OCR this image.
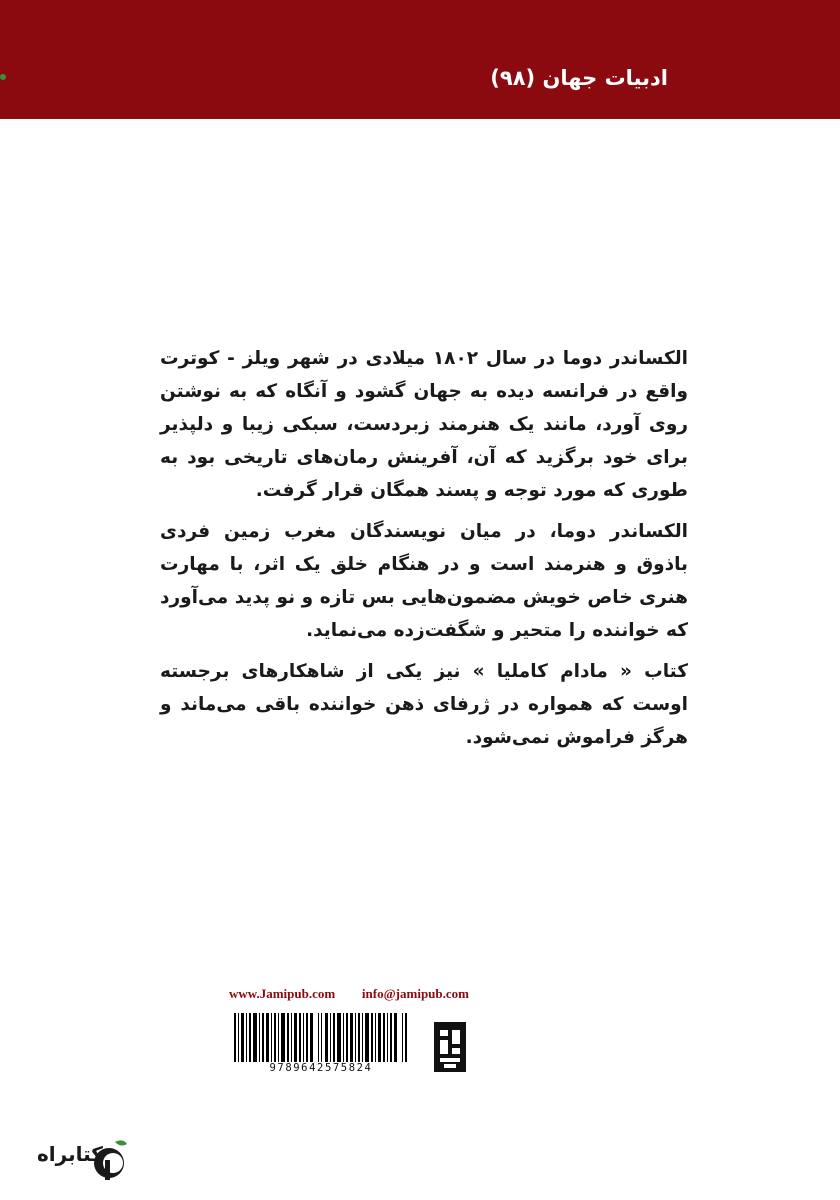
ادبیات جهان (۹۸)

الکساندر دوما در سال ۱۸۰۲ میلادی در شهر ویلز - کوترت واقع در فرانسه دیده به جهان گشود و آنگاه که به نوشتن روی آورد، مانند یک هنرمند زبردست، سبکی زیبا و دلپذیر برای خود برگزید که آن، آفرینش رمان‌های تاریخی بود به طوری که مورد توجه و پسند همگان قرار گرفت.

الکساندر دوما، در میان نویسندگان مغرب زمین فردی باذوق و هنرمند است و در هنگام خلق یک اثر، با مهارت هنری خاص خویش مضمون‌هایی بس تازه و نو پدید می‌آورد که خواننده را متحیر و شگفت‌زده می‌نماید.

کتاب « مادام کاملیا » نیز یکی از شاهکارهای برجسته اوست که همواره در ژرفای ذهن خواننده باقی می‌ماند و هرگز فراموش نمی‌شود.

www.Jamipub.com info@jamipub.com
9789642575824
کتابراه
